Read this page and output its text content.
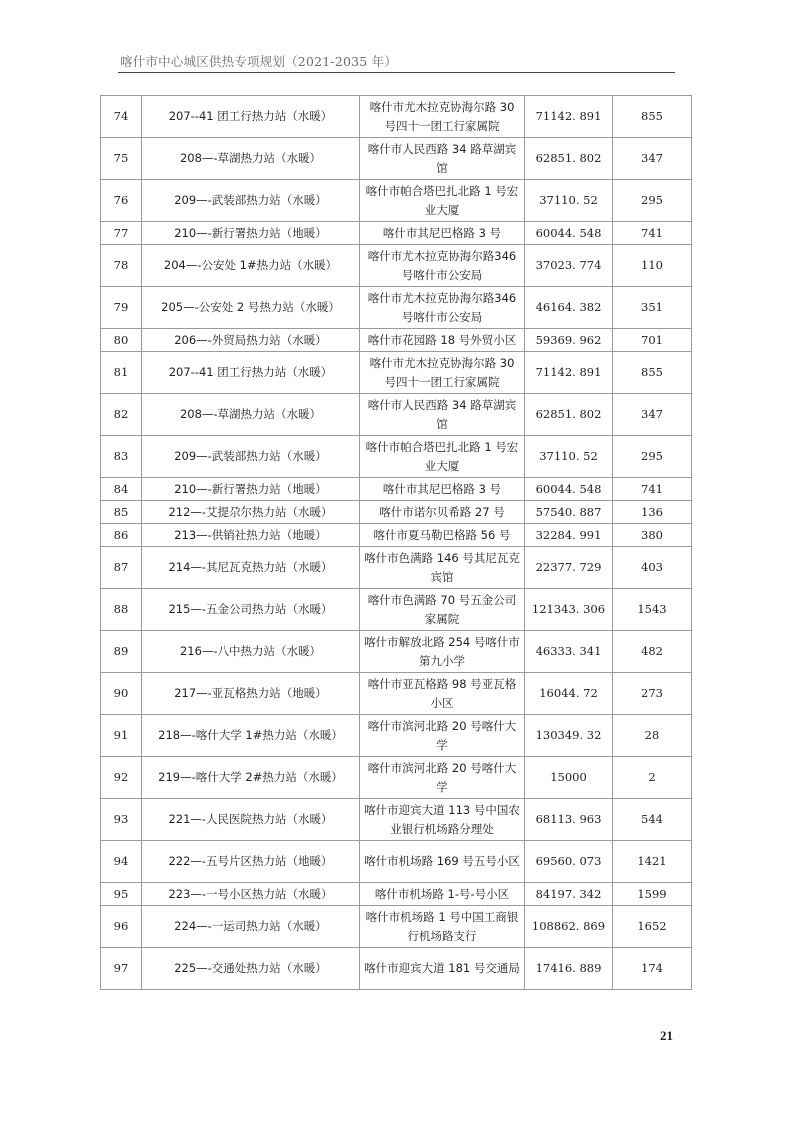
喀什市中心城区供热专项规划（2021-2035 年）
74	207--41 团工行热力站（水暖）	喀什市尤木拉克协海尔路 30 号四十一团工行家属院	71142. 891	855
75	208—-草湖热力站（水暖）	喀什市人民西路 34 路草湖宾馆	62851. 802	347
76	209—-武装部热力站（水暖）	喀什市帕合塔巴扎北路 1 号宏业大厦	37110. 52	295
77	210—-新行署热力站（地暖）	喀什市其尼巴格路 3 号	60044. 548	741
78	204—-公安处 1#热力站（水暖）	喀什市尤木拉克协海尔路346 号喀什市公安局	37023. 774	110
79	205—-公安处 2 号热力站（水暖）	喀什市尤木拉克协海尔路346 号喀什市公安局	46164. 382	351
80	206—-外贸局热力站（水暖）	喀什市花园路 18 号外贸小区	59369. 962	701
81	207--41 团工行热力站（水暖）	喀什市尤木拉克协海尔路 30 号四十一团工行家属院	71142. 891	855
82	208—-草湖热力站（水暖）	喀什市人民西路 34 路草湖宾馆	62851. 802	347
83	209—-武装部热力站（水暖）	喀什市帕合塔巴扎北路 1 号宏业大厦	37110. 52	295
84	210—-新行署热力站（地暖）	喀什市其尼巴格路 3 号	60044. 548	741
85	212—-艾提尕尔热力站（水暖）	喀什市诺尔贝希路 27 号	57540. 887	136
86	213—-供销社热力站（地暖）	喀什市夏马勒巴格路 56 号	32284. 991	380
87	214—-其尼瓦克热力站（水暖）	喀什市色满路 146 号其尼瓦克宾馆	22377. 729	403
88	215—-五金公司热力站（水暖）	喀什市色满路 70 号五金公司家属院	121343. 306	1543
89	216—-八中热力站（水暖）	喀什市解放北路 254 号喀什市第九小学	46333. 341	482
90	217—-亚瓦格热力站（地暖）	喀什市亚瓦格路 98 号亚瓦格小区	16044. 72	273
91	218—-喀什大学 1#热力站（水暖）	喀什市滨河北路 20 号喀什大学	130349. 32	28
92	219—-喀什大学 2#热力站（水暖）	喀什市滨河北路 20 号喀什大学	15000	2
93	221—-人民医院热力站（水暖）	喀什市迎宾大道 113 号中国农业银行机场路分理处	68113. 963	544
94	222—-五号片区热力站（地暖）	喀什市机场路 169 号五号小区	69560. 073	1421
95	223—-一号小区热力站（水暖）	喀什市机场路 1-号-号小区	84197. 342	1599
96	224—-一运司热力站（水暖）	喀什市机场路 1 号中国工商银行机场路支行	108862. 869	1652
97	225—-交通处热力站（水暖）	喀什市迎宾大道 181 号交通局	17416. 889	174
21
